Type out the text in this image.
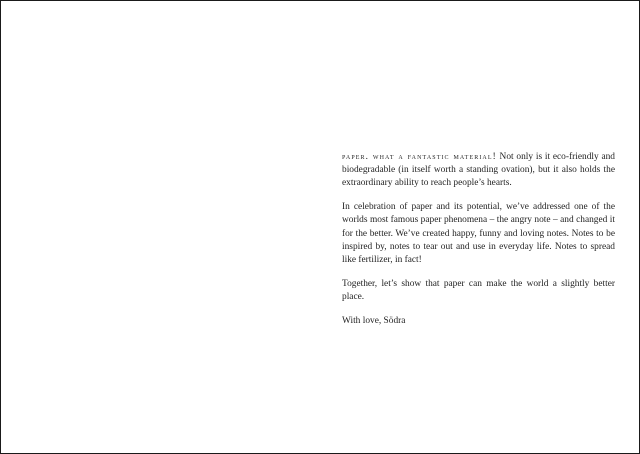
paper. what a fantastic material! Not only is it eco-friendly and biodegradable (in itself worth a standing ovation), but it also holds the extraordinary ability to reach people’s hearts.

In celebration of paper and its potential, we’ve addressed one of the worlds most famous paper phenomena – the angry note – and changed it for the better. We’ve created happy, funny and loving notes. Notes to be inspired by, notes to tear out and use in everyday life. Notes to spread like fertilizer, in fact!

Together, let’s show that paper can make the world a slightly better place.

With love, Södra
